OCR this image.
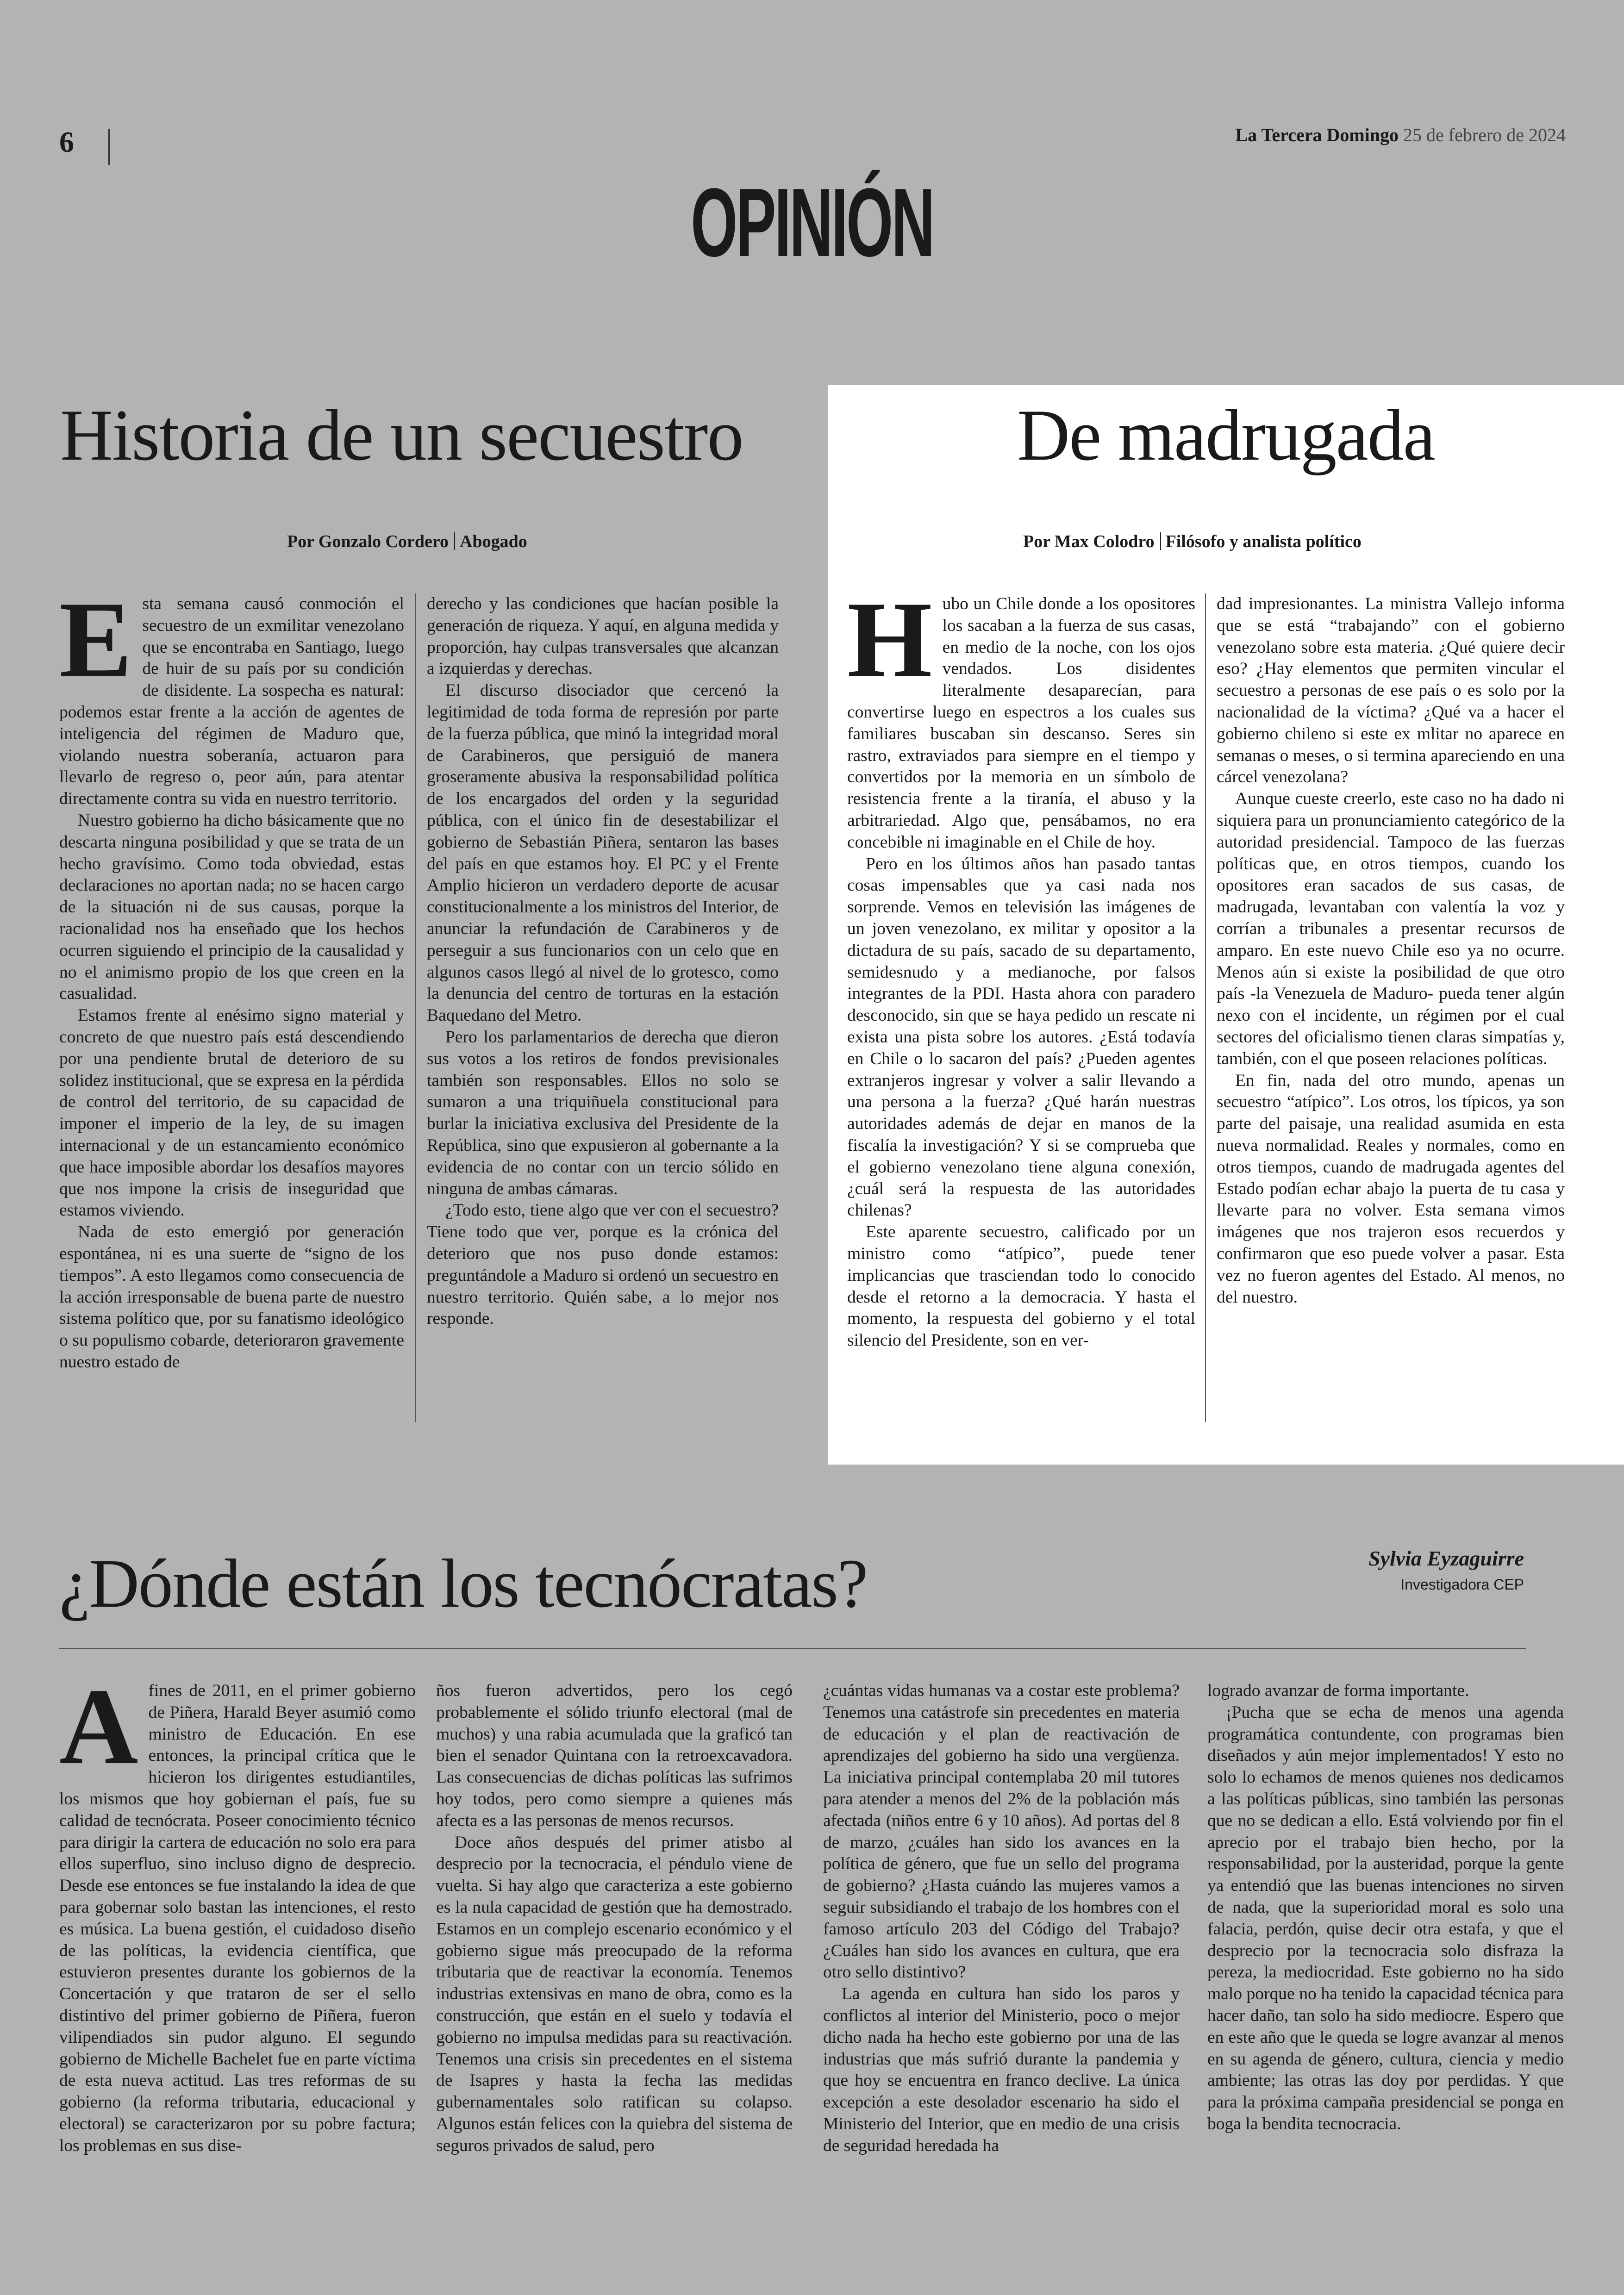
6	La Tercera Domingo 25 de febrero de 2024
OPINIÓN
Historia de un secuestro	De madrugada
Por Gonzalo Cordero Abogado	Por Max Colodro Filósofo y analista político
E sta semana causó conmoción el secuestro de un exmilitar venezolano que se encontraba en Santiago, luego de huir de su país por su condición de disidente. La sospecha es natural: podemos estar frente a la acción de agentes de inteligencia del régimen de Maduro que, violando nuestra soberanía, actuaron para llevarlo de regreso o, peor aún, para atentar directamente contra su vida en nuestro territorio.

Nuestro gobierno ha dicho básicamente que no descarta ninguna posibilidad y que se trata de un hecho gravísimo. Como toda obviedad, estas declaraciones no aportan nada; no se hacen cargo de la situación ni de sus causas, porque la racionalidad nos ha enseñado que los hechos ocurren siguiendo el principio de la causalidad y no el animismo propio de los que creen en la casualidad.

Estamos frente al enésimo signo material y concreto de que nuestro país está descendiendo por una pendiente brutal de deterioro de su solidez institucional, que se expresa en la pérdida de control del territorio, de su capacidad de imponer el imperio de la ley, de su imagen internacional y de un estancamiento económico que hace imposible abordar los desafíos mayores que nos impone la crisis de inseguridad que estamos viviendo.

Nada de esto emergió por generación espontánea, ni es una suerte de “signo de los tiempos”. A esto llegamos como consecuencia de la acción irresponsable de buena parte de nuestro sistema político que, por su fanatismo ideológico o su populismo cobarde, deterioraron gravemente nuestro estado de

derecho y las condiciones que hacían posible la generación de riqueza. Y aquí, en alguna medida y proporción, hay culpas transversales que alcanzan a izquierdas y derechas.

El discurso disociador que cercenó la legitimidad de toda forma de represión por parte de la fuerza pública, que minó la integridad moral de Carabineros, que persiguió de manera groseramente abusiva la responsabilidad política de los encargados del orden y la seguridad pública, con el único fin de desestabilizar el gobierno de Sebastián Piñera, sentaron las bases del país en que estamos hoy. El PC y el Frente Amplio hicieron un verdadero deporte de acusar constitucionalmente a los ministros del Interior, de anunciar la refundación de Carabineros y de perseguir a sus funcionarios con un celo que en algunos casos llegó al nivel de lo grotesco, como la denuncia del centro de torturas en la estación Baquedano del Metro.

Pero los parlamentarios de derecha que dieron sus votos a los retiros de fondos previsionales también son responsables. Ellos no solo se sumaron a una triquiñuela constitucional para burlar la iniciativa exclusiva del Presidente de la República, sino que expusieron al gobernante a la evidencia de no contar con un tercio sólido en ninguna de ambas cámaras.

¿Todo esto, tiene algo que ver con el secuestro? Tiene todo que ver, porque es la crónica del deterioro que nos puso donde estamos: preguntándole a Maduro si ordenó un secuestro en nuestro territorio. Quién sabe, a lo mejor nos responde.

H ubo un Chile donde a los opositores los sacaban a la fuerza de sus casas, en medio de la noche, con los ojos vendados. Los disidentes literalmente desaparecían, para convertirse luego en espectros a los cuales sus familiares buscaban sin descanso. Seres sin rastro, extraviados para siempre en el tiempo y convertidos por la memoria en un símbolo de resistencia frente a la tiranía, el abuso y la arbitrariedad. Algo que, pensábamos, no era concebible ni imaginable en el Chile de hoy.

Pero en los últimos años han pasado tantas cosas impensables que ya casi nada nos sorprende. Vemos en televisión las imágenes de un joven venezolano, ex militar y opositor a la dictadura de su país, sacado de su departamento, semidesnudo y a medianoche, por falsos integrantes de la PDI. Hasta ahora con paradero desconocido, sin que se haya pedido un rescate ni exista una pista sobre los autores. ¿Está todavía en Chile o lo sacaron del país? ¿Pueden agentes extranjeros ingresar y volver a salir llevando a una persona a la fuerza? ¿Qué harán nuestras autoridades además de dejar en manos de la fiscalía la investigación? Y si se comprueba que el gobierno venezolano tiene alguna conexión, ¿cuál será la respuesta de las autoridades chilenas?

Este aparente secuestro, calificado por un ministro como “atípico”, puede tener implicancias que trasciendan todo lo conocido desde el retorno a la democracia. Y hasta el momento, la respuesta del gobierno y el total silencio del Presidente, son en ver-

dad impresionantes. La ministra Vallejo informa que se está “trabajando” con el gobierno venezolano sobre esta materia. ¿Qué quiere decir eso? ¿Hay elementos que permiten vincular el secuestro a personas de ese país o es solo por la nacionalidad de la víctima? ¿Qué va a hacer el gobierno chileno si este ex mlitar no aparece en semanas o meses, o si termina apareciendo en una cárcel venezolana?

Aunque cueste creerlo, este caso no ha dado ni siquiera para un pronunciamiento categórico de la autoridad presidencial. Tampoco de las fuerzas políticas que, en otros tiempos, cuando los opositores eran sacados de sus casas, de madrugada, levantaban con valentía la voz y corrían a tribunales a presentar recursos de amparo. En este nuevo Chile eso ya no ocurre. Menos aún si existe la posibilidad de que otro país -la Venezuela de Maduro- pueda tener algún nexo con el incidente, un régimen por el cual sectores del oficialismo tienen claras simpatías y, también, con el que poseen relaciones políticas.

En fin, nada del otro mundo, apenas un secuestro “atípico”. Los otros, los típicos, ya son parte del paisaje, una realidad asumida en esta nueva normalidad. Reales y normales, como en otros tiempos, cuando de madrugada agentes del Estado podían echar abajo la puerta de tu casa y llevarte para no volver. Esta semana vimos imágenes que nos trajeron esos recuerdos y confirmaron que eso puede volver a pasar. Esta vez no fueron agentes del Estado. Al menos, no del nuestro.

¿Dónde están los tecnócratas?	Sylvia Eyzaguirre
Investigadora CEP
A fines de 2011, en el primer gobierno de Piñera, Harald Beyer asumió como ministro de Educación. En ese entonces, la principal crítica que le hicieron los dirigentes estudiantiles, los mismos que hoy gobiernan el país, fue su calidad de tecnócrata. Poseer conocimiento técnico para dirigir la cartera de educación no solo era para ellos superfluo, sino incluso digno de desprecio. Desde ese entonces se fue instalando la idea de que para gobernar solo bastan las intenciones, el resto es música. La buena gestión, el cuidadoso diseño de las políticas, la evidencia científica, que estuvieron presentes durante los gobiernos de la Concertación y que trataron de ser el sello distintivo del primer gobierno de Piñera, fueron vilipendiados sin pudor alguno. El segundo gobierno de Michelle Bachelet fue en parte víctima de esta nueva actitud. Las tres reformas de su gobierno (la reforma tributaria, educacional y electoral) se caracterizaron por su pobre factura; los problemas en sus dise-

ños fueron advertidos, pero los cegó probablemente el sólido triunfo electoral (mal de muchos) y una rabia acumulada que la graficó tan bien el senador Quintana con la retroexcavadora. Las consecuencias de dichas políticas las sufrimos hoy todos, pero como siempre a quienes más afecta es a las personas de menos recursos.

Doce años después del primer atisbo al desprecio por la tecnocracia, el péndulo viene de vuelta. Si hay algo que caracteriza a este gobierno es la nula capacidad de gestión que ha demostrado. Estamos en un complejo escenario económico y el gobierno sigue más preocupado de la reforma tributaria que de reactivar la economía. Tenemos industrias extensivas en mano de obra, como es la construcción, que están en el suelo y todavía el gobierno no impulsa medidas para su reactivación. Tenemos una crisis sin precedentes en el sistema de Isapres y hasta la fecha las medidas gubernamentales solo ratifican su colapso. Algunos están felices con la quiebra del sistema de seguros privados de salud, pero

¿cuántas vidas humanas va a costar este problema? Tenemos una catástrofe sin precedentes en materia de educación y el plan de reactivación de aprendizajes del gobierno ha sido una vergüenza. La iniciativa principal contemplaba 20 mil tutores para atender a menos del 2% de la población más afectada (niños entre 6 y 10 años). Ad portas del 8 de marzo, ¿cuáles han sido los avances en la política de género, que fue un sello del programa de gobierno? ¿Hasta cuándo las mujeres vamos a seguir subsidiando el trabajo de los hombres con el famoso artículo 203 del Código del Trabajo? ¿Cuáles han sido los avances en cultura, que era otro sello distintivo?

La agenda en cultura han sido los paros y conflictos al interior del Ministerio, poco o mejor dicho nada ha hecho este gobierno por una de las industrias que más sufrió durante la pandemia y que hoy se encuentra en franco declive. La única excepción a este desolador escenario ha sido el Ministerio del Interior, que en medio de una crisis de seguridad heredada ha

logrado avanzar de forma importante.

¡Pucha que se echa de menos una agenda programática contundente, con programas bien diseñados y aún mejor implementados! Y esto no solo lo echamos de menos quienes nos dedicamos a las políticas públicas, sino también las personas que no se dedican a ello. Está volviendo por fin el aprecio por el trabajo bien hecho, por la responsabilidad, por la austeridad, porque la gente ya entendió que las buenas intenciones no sirven de nada, que la superioridad moral es solo una falacia, perdón, quise decir otra estafa, y que el desprecio por la tecnocracia solo disfraza la pereza, la mediocridad. Este gobierno no ha sido malo porque no ha tenido la capacidad técnica para hacer daño, tan solo ha sido mediocre. Espero que en este año que le queda se logre avanzar al menos en su agenda de género, cultura, ciencia y medio ambiente; las otras las doy por perdidas. Y que para la próxima campaña presidencial se ponga en boga la bendita tecnocracia.
